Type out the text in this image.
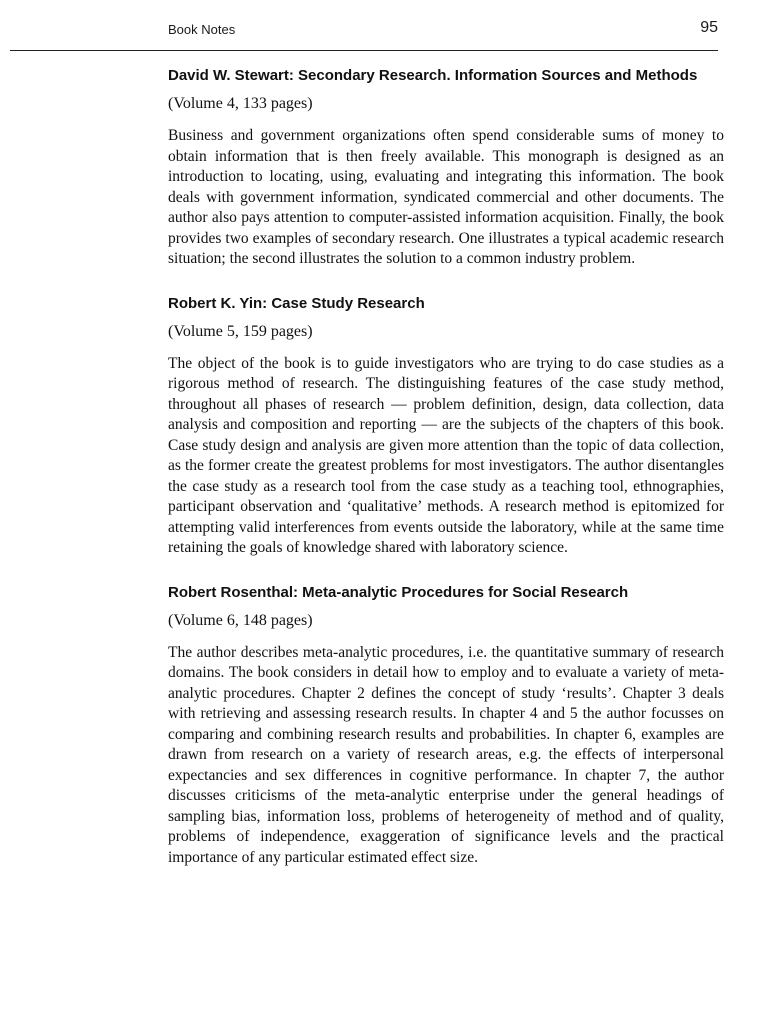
Book Notes	95
David W. Stewart: Secondary Research. Information Sources and Methods

(Volume 4, 133 pages)

Business and government organizations often spend considerable sums of money to obtain information that is then freely available. This monograph is designed as an introduction to locating, using, evaluating and integrating this information. The book deals with government information, syndicated commercial and other documents. The author also pays attention to computer-assisted information acquisition. Finally, the book provides two examples of secondary research. One illustrates a typical academic research situation; the second illustrates the solution to a common industry problem.

Robert K. Yin: Case Study Research

(Volume 5, 159 pages)

The object of the book is to guide investigators who are trying to do case studies as a rigorous method of research. The distinguishing features of the case study method, throughout all phases of research — problem definition, design, data collection, data analysis and composition and reporting — are the subjects of the chapters of this book. Case study design and analysis are given more attention than the topic of data collection, as the former create the greatest problems for most investigators. The author disentangles the case study as a research tool from the case study as a teaching tool, ethnographies, participant observation and ‘qualitative’ methods. A research method is epitomized for attempting valid interferences from events outside the laboratory, while at the same time retaining the goals of knowledge shared with laboratory science.

Robert Rosenthal: Meta-analytic Procedures for Social Research

(Volume 6, 148 pages)

The author describes meta-analytic procedures, i.e. the quantitative summary of research domains. The book considers in detail how to employ and to evaluate a variety of meta-analytic procedures. Chapter 2 defines the concept of study ‘results’. Chapter 3 deals with retrieving and assessing research results. In chapter 4 and 5 the author focusses on comparing and combining research results and probabilities. In chapter 6, examples are drawn from research on a variety of research areas, e.g. the effects of interpersonal expectancies and sex differences in cognitive performance. In chapter 7, the author discusses criticisms of the meta-analytic enterprise under the general headings of sampling bias, information loss, problems of heterogeneity of method and of quality, problems of independence, exaggeration of significance levels and the practical importance of any particular estimated effect size.
